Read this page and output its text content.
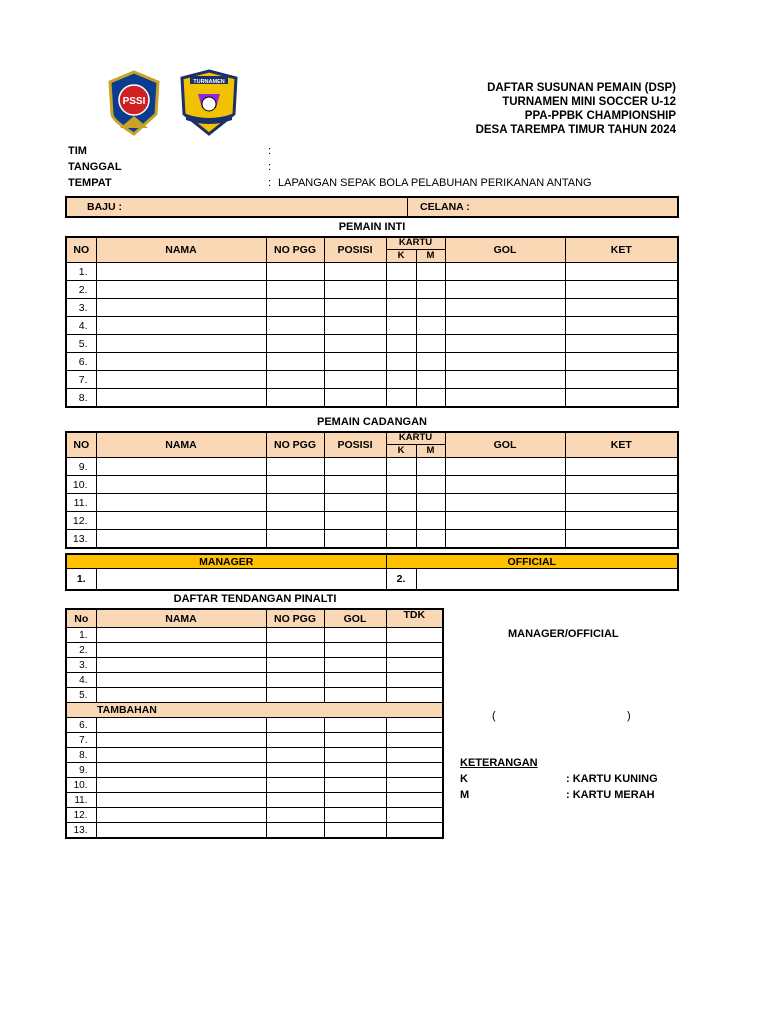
PSSI
TURNAMEN	DAFTAR SUSUNAN PEMAIN (DSP)
TURNAMEN MINI SOCCER U-12
PPA-PPBK CHAMPIONSHIP
DESA TAREMPA TIMUR TAHUN 2024
TIM	:
TANGGAL	:
TEMPAT	: LAPANGAN SEPAK BOLA PELABUHAN PERIKANAN ANTANG
BAJU :	CELANA :
PEMAIN INTI
NO	NAMA	NO PGG	POSISI	KARTU		GOL	KET
				K	M		
1.							
2.							
3.							
4.							
5.							
6.							
7.							
8.							
PEMAIN CADANGAN
NO	NAMA	NO PGG	POSISI	KARTU		GOL	KET
				K	M		
9.							
10.							
11.							
12.							
13.							
MANAGER		OFFICIAL	
1.		2.	
DAFTAR TENDANGAN PINALTI
No	NAMA	NO PGG	GOL	TDK
1.				
2.				
3.				
4.				
5.				
TAMBAHAN				
6.				
7.				
8.				
9.				
10.				
11.				
12.				
13.				
MANAGER/OFFICIAL
(	)
KETERANGAN
K	: KARTU KUNING
M	: KARTU MERAH
